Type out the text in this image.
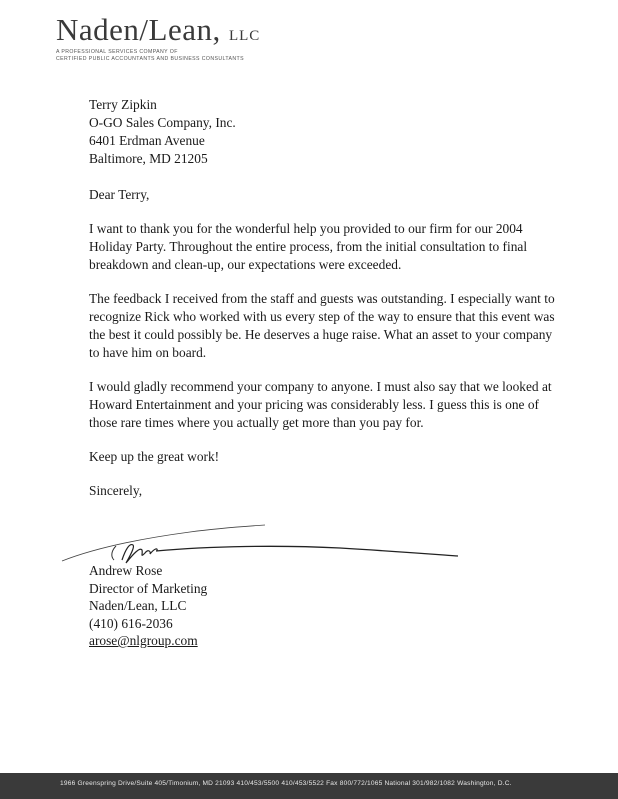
Naden/Lean, LLC
A PROFESSIONAL SERVICES COMPANY OF
CERTIFIED PUBLIC ACCOUNTANTS AND BUSINESS CONSULTANTS
Terry Zipkin
O-GO Sales Company, Inc.
6401 Erdman Avenue
Baltimore, MD 21205

Dear Terry,

I want to thank you for the wonderful help you provided to our firm for our 2004 Holiday Party. Throughout the entire process, from the initial consultation to final breakdown and clean-up, our expectations were exceeded.

The feedback I received from the staff and guests was outstanding. I especially want to recognize Rick who worked with us every step of the way to ensure that this event was the best it could possibly be. He deserves a huge raise. What an asset to your company to have him on board.

I would gladly recommend your company to anyone. I must also say that we looked at Howard Entertainment and your pricing was considerably less. I guess this is one of those rare times where you actually get more than you pay for.

Keep up the great work!

Sincerely,

Andrew Rose
Director of Marketing
Naden/Lean, LLC
(410) 616-2036
arose@nlgroup.com
1966 Greenspring Drive/Suite 405/Timonium, MD 21093 410/453/5500 410/453/5522 Fax 800/772/1065 National 301/982/1082 Washington, D.C.
